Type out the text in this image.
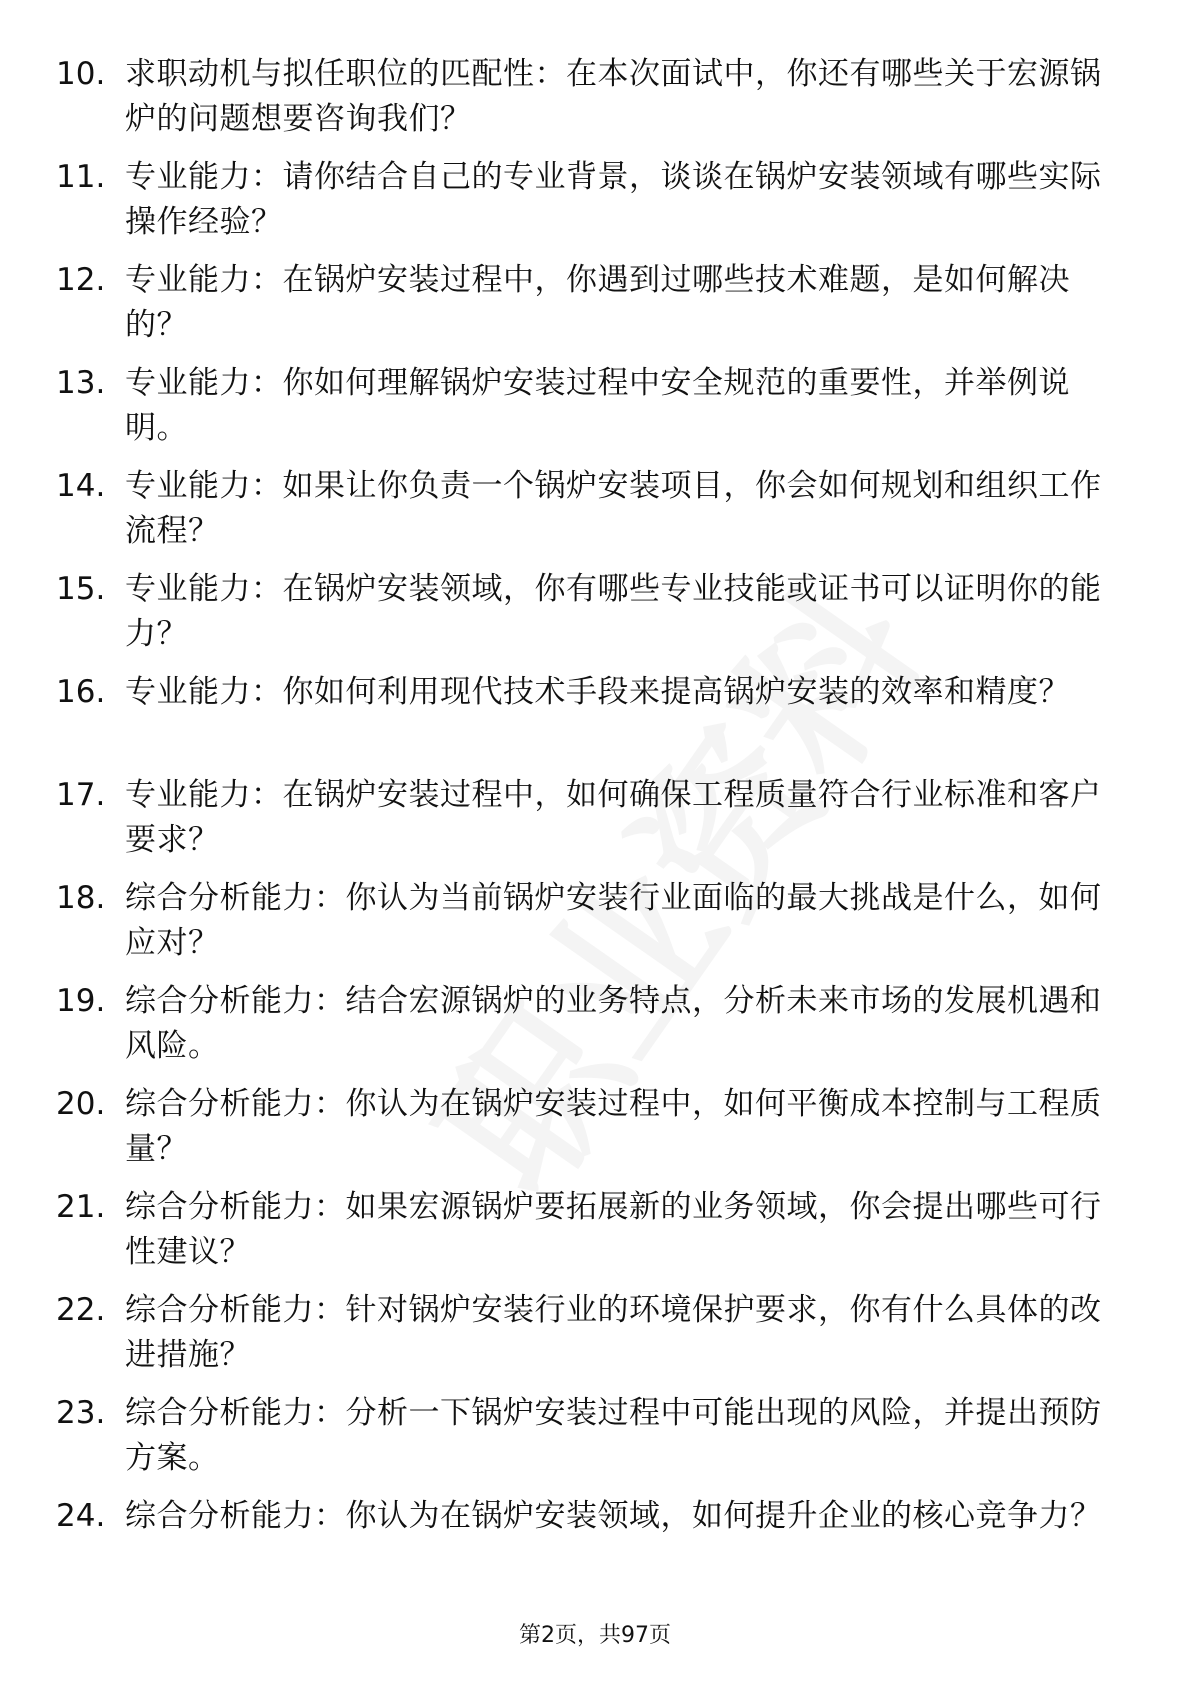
10. 求职动机与拟任职位的匹配性：在本次面试中，你还有哪些关于宏源锅炉的问题想要咨询我们？
11. 专业能力：请你结合自己的专业背景，谈谈在锅炉安装领域有哪些实际操作经验？
12. 专业能力：在锅炉安装过程中，你遇到过哪些技术难题，是如何解决的？
13. 专业能力：你如何理解锅炉安装过程中安全规范的重要性，并举例说明。
14. 专业能力：如果让你负责一个锅炉安装项目，你会如何规划和组织工作流程？
15. 专业能力：在锅炉安装领域，你有哪些专业技能或证书可以证明你的能力？
16. 专业能力：你如何利用现代技术手段来提高锅炉安装的效率和精度？
17. 专业能力：在锅炉安装过程中，如何确保工程质量符合行业标准和客户要求？
18. 综合分析能力：你认为当前锅炉安装行业面临的最大挑战是什么，如何应对？
19. 综合分析能力：结合宏源锅炉的业务特点，分析未来市场的发展机遇和风险。
20. 综合分析能力：你认为在锅炉安装过程中，如何平衡成本控制与工程质量？
21. 综合分析能力：如果宏源锅炉要拓展新的业务领域，你会提出哪些可行性建议？
22. 综合分析能力：针对锅炉安装行业的环境保护要求，你有什么具体的改进措施？
23. 综合分析能力：分析一下锅炉安装过程中可能出现的风险，并提出预防方案。
24. 综合分析能力：你认为在锅炉安装领域，如何提升企业的核心竞争力？
第2页，共97页
